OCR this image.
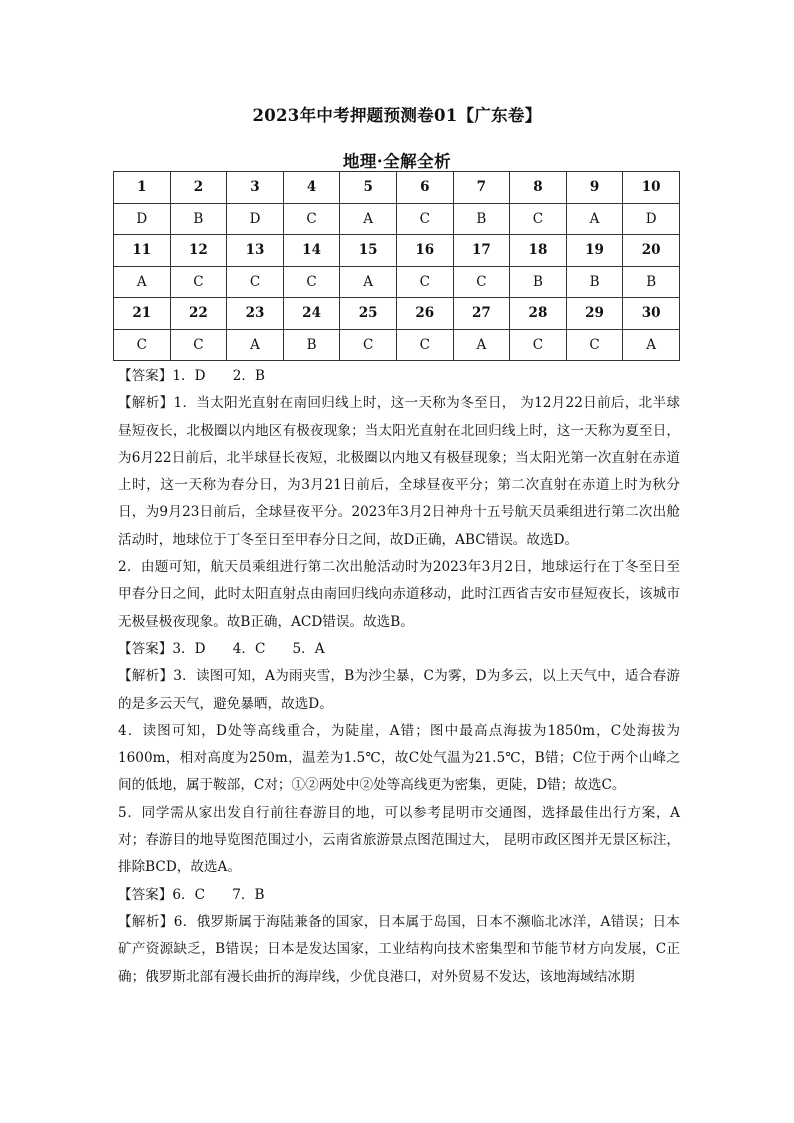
2023年中考押题预测卷01【广东卷】
地理·全解全析
1	2	3	4	5	6	7	8	9	10
D	B	D	C	A	C	B	C	A	D
11	12	13	14	15	16	17	18	19	20
A	C	C	C	A	C	C	B	B	B
21	22	23	24	25	26	27	28	29	30
C	C	A	B	C	C	A	C	C	A

【答案】1．D　　2．B

【解析】1．当太阳光直射在南回归线上时，这一天称为冬至日， 为12月22日前后，北半球昼短夜长，北极圈以内地区有极夜现象；当太阳光直射在北回归线上时，这一天称为夏至日，为6月22日前后，北半球昼长夜短，北极圈以内地又有极昼现象；当太阳光第一次直射在赤道上时，这一天称为春分日，为3月21日前后，全球昼夜平分；第二次直射在赤道上时为秋分日，为9月23日前后，全球昼夜平分。2023年3月2日神舟十五号航天员乘组进行第二次出舱活动时，地球位于丁冬至日至甲春分日之间，故D正确，ABC错误。故选D。

2．由题可知，航天员乘组进行第二次出舱活动时为2023年3月2日，地球运行在丁冬至日至甲春分日之间，此时太阳直射点由南回归线向赤道移动，此时江西省吉安市昼短夜长，该城市无极昼极夜现象。故B正确，ACD错误。故选B。

【答案】3．D　　4．C　　5．A

【解析】3．读图可知，A为雨夹雪，B为沙尘暴，C为雾，D为多云，以上天气中，适合春游的是多云天气，避免暴晒，故选D。

4．读图可知，D处等高线重合，为陡崖，A错；图中最高点海拔为1850m，C处海拔为1600m，相对高度为250m，温差为1.5℃，故C处气温为21.5℃，B错；C位于两个山峰之间的低地，属于鞍部，C对；①②两处中②处等高线更为密集，更陡，D错；故选C。

5．同学需从家出发自行前往春游目的地，可以参考昆明市交通图，选择最佳出行方案，A对；春游目的地导览图范围过小，云南省旅游景点图范围过大， 昆明市政区图并无景区标注，排除BCD，故选A。

【答案】6．C　　7．B

【解析】6．俄罗斯属于海陆兼备的国家，日本属于岛国，日本不濒临北冰洋，A错误；日本矿产资源缺乏，B错误；日本是发达国家，工业结构向技术密集型和节能节材方向发展，C正确；俄罗斯北部有漫长曲折的海岸线，少优良港口，对外贸易不发达，该地海域结冰期
